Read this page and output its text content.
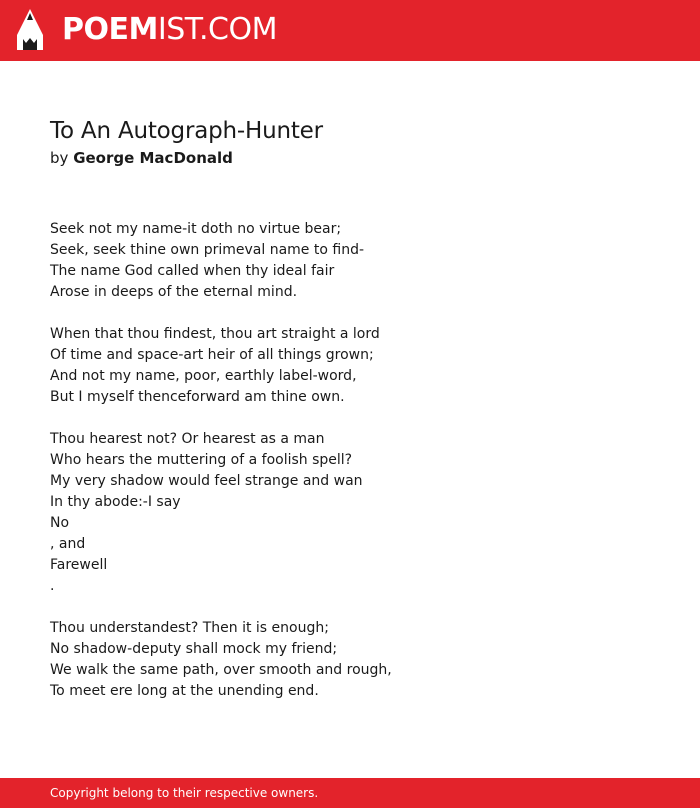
POEMIST.COM
To An Autograph-Hunter
by George MacDonald
Seek not my name-it doth no virtue bear;
Seek, seek thine own primeval name to find-
The name God called when thy ideal fair
Arose in deeps of the eternal mind.
When that thou findest, thou art straight a lord
Of time and space-art heir of all things grown;
And not my name, poor, earthly label-word,
But I myself thenceforward am thine own.
Thou hearest not? Or hearest as a man
Who hears the muttering of a foolish spell?
My very shadow would feel strange and wan
In thy abode:-I say
No
, and
Farewell
.
Thou understandest? Then it is enough;
No shadow-deputy shall mock my friend;
We walk the same path, over smooth and rough,
To meet ere long at the unending end.
Copyright belong to their respective owners.
